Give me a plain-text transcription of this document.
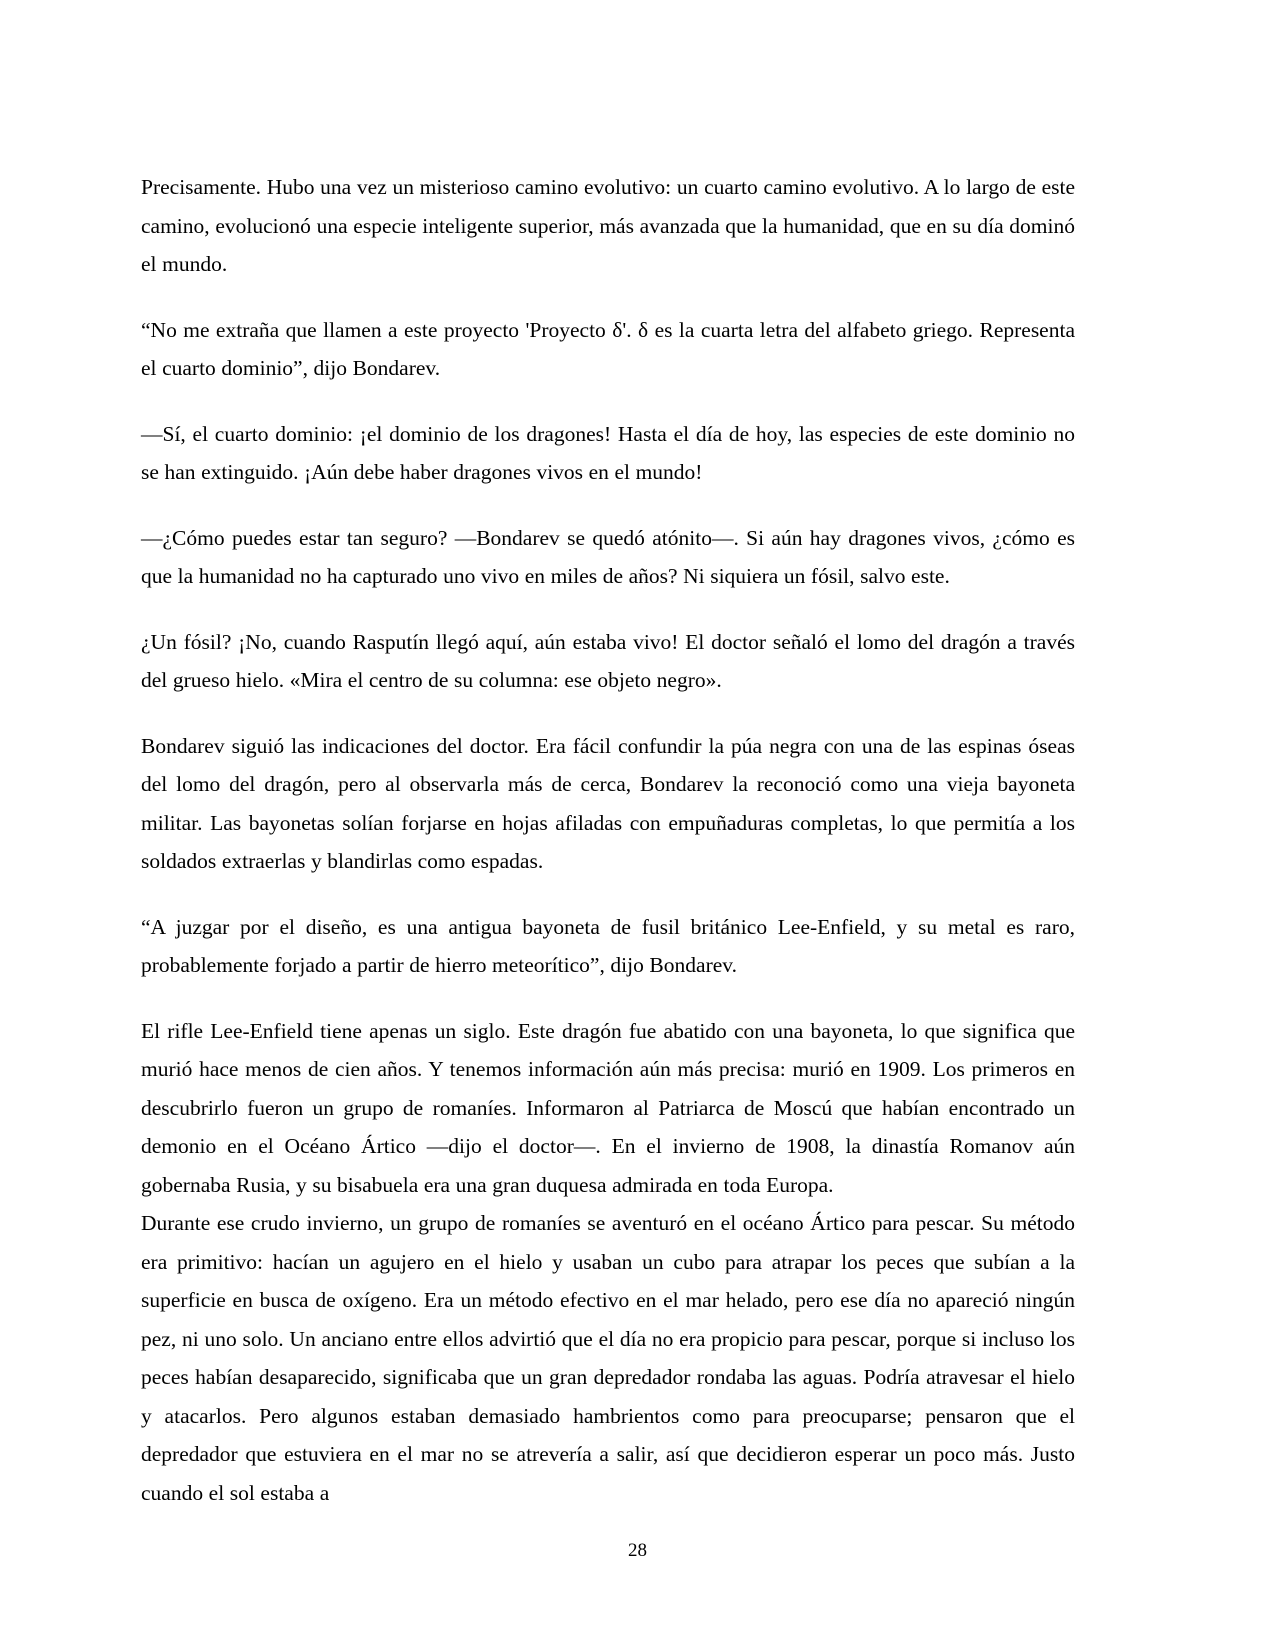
Precisamente. Hubo una vez un misterioso camino evolutivo: un cuarto camino evolutivo. A lo largo de este camino, evolucionó una especie inteligente superior, más avanzada que la humanidad, que en su día dominó el mundo.

“No me extraña que llamen a este proyecto 'Proyecto δ'. δ es la cuarta letra del alfabeto griego. Representa el cuarto dominio”, dijo Bondarev.

—Sí, el cuarto dominio: ¡el dominio de los dragones! Hasta el día de hoy, las especies de este dominio no se han extinguido. ¡Aún debe haber dragones vivos en el mundo!

—¿Cómo puedes estar tan seguro? —Bondarev se quedó atónito—. Si aún hay dragones vivos, ¿cómo es que la humanidad no ha capturado uno vivo en miles de años? Ni siquiera un fósil, salvo este.

¿Un fósil? ¡No, cuando Rasputín llegó aquí, aún estaba vivo! El doctor señaló el lomo del dragón a través del grueso hielo. «Mira el centro de su columna: ese objeto negro».

Bondarev siguió las indicaciones del doctor. Era fácil confundir la púa negra con una de las espinas óseas del lomo del dragón, pero al observarla más de cerca, Bondarev la reconoció como una vieja bayoneta militar. Las bayonetas solían forjarse en hojas afiladas con empuñaduras completas, lo que permitía a los soldados extraerlas y blandirlas como espadas.

“A juzgar por el diseño, es una antigua bayoneta de fusil británico Lee-Enfield, y su metal es raro, probablemente forjado a partir de hierro meteorítico”, dijo Bondarev.

El rifle Lee-Enfield tiene apenas un siglo. Este dragón fue abatido con una bayoneta, lo que significa que murió hace menos de cien años. Y tenemos información aún más precisa: murió en 1909. Los primeros en descubrirlo fueron un grupo de romaníes. Informaron al Patriarca de Moscú que habían encontrado un demonio en el Océano Ártico —dijo el doctor—. En el invierno de 1908, la dinastía Romanov aún gobernaba Rusia, y su bisabuela era una gran duquesa admirada en toda Europa.

Durante ese crudo invierno, un grupo de romaníes se aventuró en el océano Ártico para pescar. Su método era primitivo: hacían un agujero en el hielo y usaban un cubo para atrapar los peces que subían a la superficie en busca de oxígeno. Era un método efectivo en el mar helado, pero ese día no apareció ningún pez, ni uno solo. Un anciano entre ellos advirtió que el día no era propicio para pescar, porque si incluso los peces habían desaparecido, significaba que un gran depredador rondaba las aguas. Podría atravesar el hielo y atacarlos. Pero algunos estaban demasiado hambrientos como para preocuparse; pensaron que el depredador que estuviera en el mar no se atrevería a salir, así que decidieron esperar un poco más. Justo cuando el sol estaba a

28
